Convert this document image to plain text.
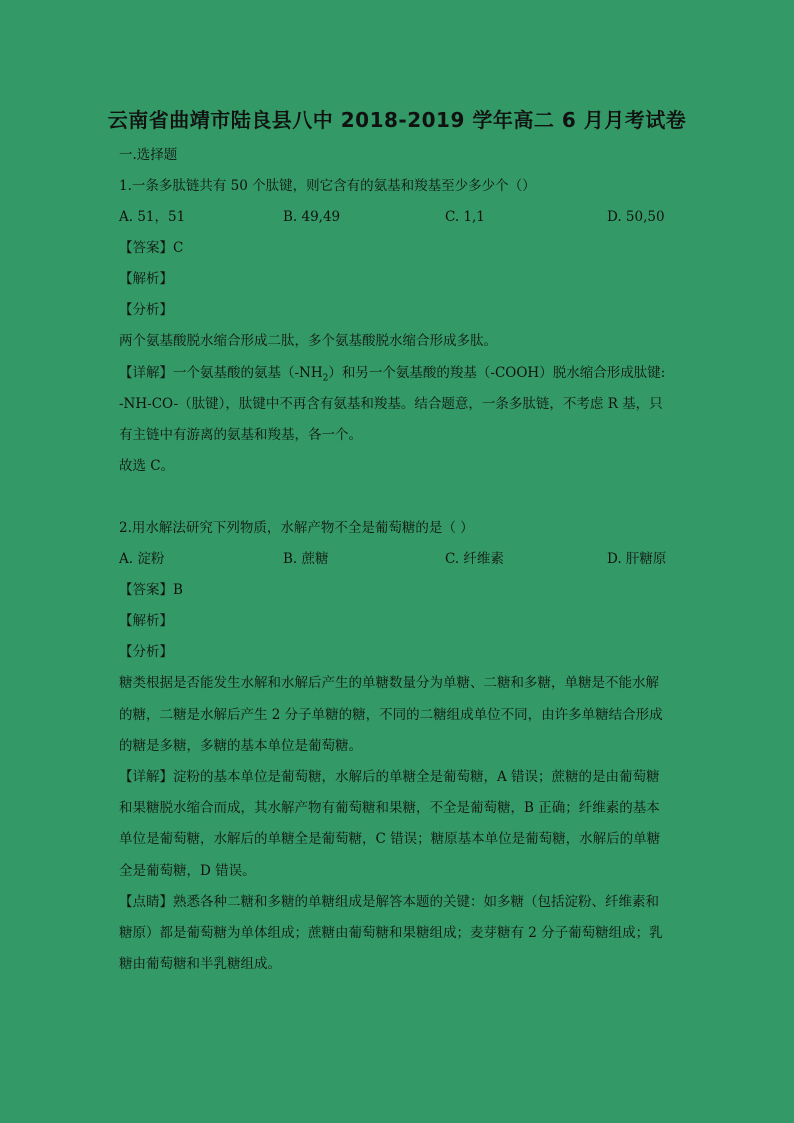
云南省曲靖市陆良县八中 2018-2019 学年高二 6 月月考试卷
一.选择题
1.一条多肽链共有 50 个肽键，则它含有的氨基和羧基至少多少个（）
A. 51，51	B. 49,49	C. 1,1	D. 50,50
【答案】C
【解析】
【分析】
两个氨基酸脱水缩合形成二肽，多个氨基酸脱水缩合形成多肽。
【详解】一个氨基酸的氨基$(-NH_2)$和另一个氨基酸的羧基（-COOH）脱水缩合形成肽键:
-NH-CO-（肽键），肽键中不再含有氨基和羧基。结合题意，一条多肽链，不考虑 R 基，只
有主链中有游离的氨基和羧基，各一个。
故选 C。
2.用水解法研究下列物质，水解产物不全是葡萄糖的是（ ）
A. 淀粉	B. 蔗糖	C. 纤维素	D. 肝糖原
【答案】B
【解析】
【分析】
糖类根据是否能发生水解和水解后产生的单糖数量分为单糖、二糖和多糖，单糖是不能水解
的糖，二糖是水解后产生 2 分子单糖的糖，不同的二糖组成单位不同，由许多单糖结合形成
的糖是多糖，多糖的基本单位是葡萄糖。
【详解】淀粉的基本单位是葡萄糖，水解后的单糖全是葡萄糖，A 错误；蔗糖的是由葡萄糖
和果糖脱水缩合而成，其水解产物有葡萄糖和果糖，不全是葡萄糖，B 正确；纤维素的基本
单位是葡萄糖，水解后的单糖全是葡萄糖，C 错误；糖原基本单位是葡萄糖，水解后的单糖
全是葡萄糖，D 错误。
【点睛】熟悉各种二糖和多糖的单糖组成是解答本题的关键：如多糖（包括淀粉、纤维素和
糖原）都是葡萄糖为单体组成；蔗糖由葡萄糖和果糖组成；麦芽糖有 2 分子葡萄糖组成；乳
糖由葡萄糖和半乳糖组成。
